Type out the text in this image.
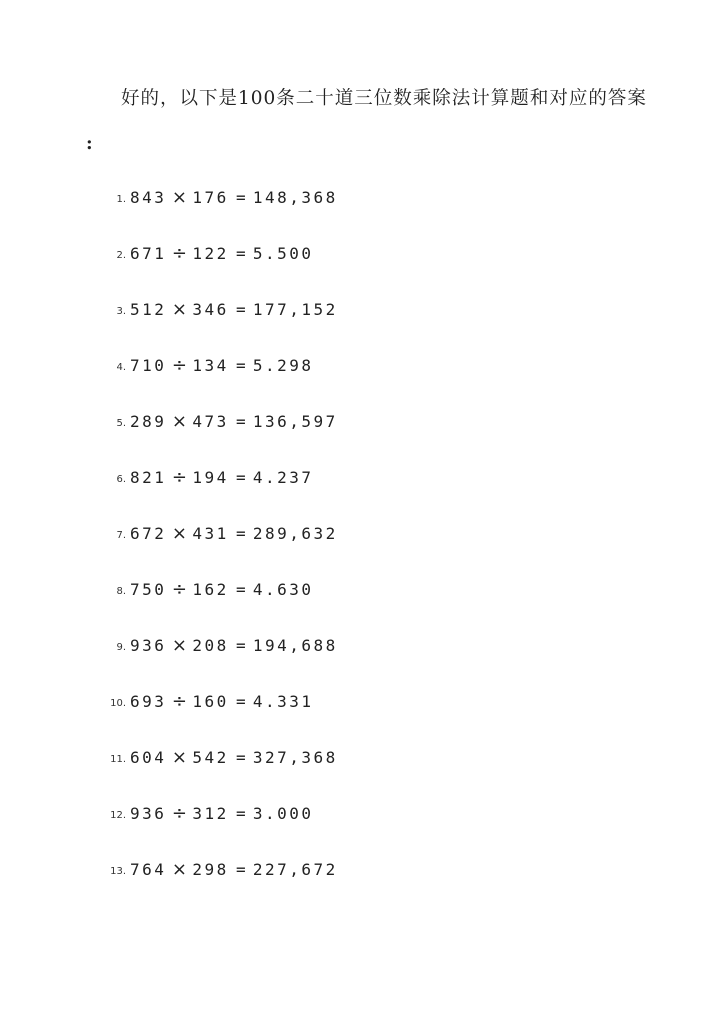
好的，以下是100条二十道三位数乘除法计算题和对应的答案
:
1. 843 × 176 = 148,368
2. 671 ÷ 122 = 5.500
3. 512 × 346 = 177,152
4. 710 ÷ 134 = 5.298
5. 289 × 473 = 136,597
6. 821 ÷ 194 = 4.237
7. 672 × 431 = 289,632
8. 750 ÷ 162 = 4.630
9. 936 × 208 = 194,688
10. 693 ÷ 160 = 4.331
11. 604 × 542 = 327,368
12. 936 ÷ 312 = 3.000
13. 764 × 298 = 227,672
